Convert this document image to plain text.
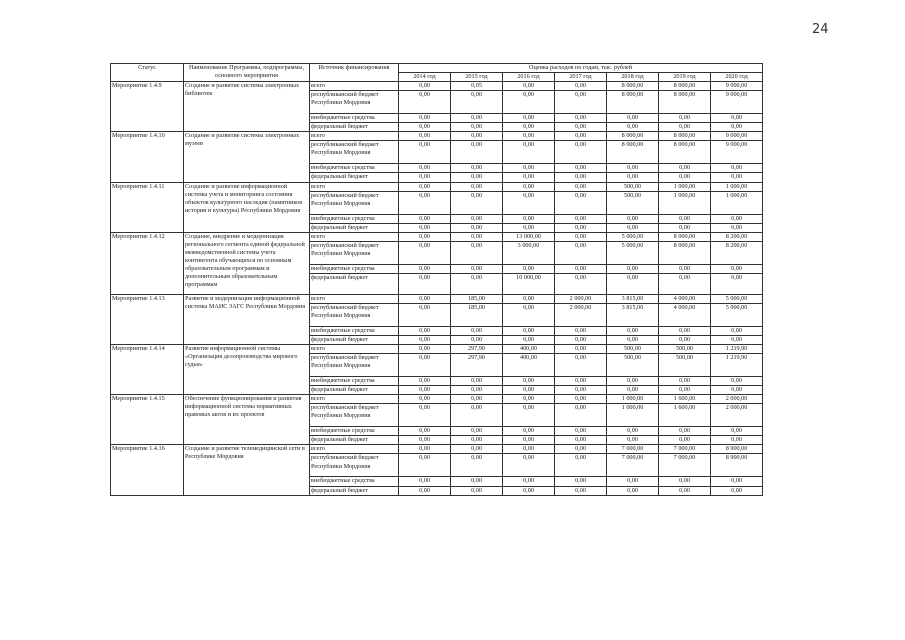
24
Статус	Наименование Программы, подпрограммы, основного мероприятия	Источник финансирования	Оценка расходов по годам, тыс. рублей						
			2014 год	2015 год	2016 год	2017 год	2018 год	2019 год	2020 год
Мероприятие 1.4.9	Создание и развитие системы электронных библиотек	всего	0,00	0,05	0,00	0,00	8 000,00	8 000,00	9 000,00
		республиканский бюджет Республики Мордовия	0,00	0,00	0,00	0,00	8 000,00	8 000,00	9 000,00
		внебюджетные средства	0,00	0,00	0,00	0,00	0,00	0,00	0,00
		федеральный бюджет	0,00	0,00	0,00	0,00	0,00	0,00	0,00
Мероприятие 1.4.10	Создание и развитие системы электронных музеев	всего	0,00	0,00	0,00	0,00	8 000,00	8 000,00	9 000,00
		республиканский бюджет Республики Мордовия	0,00	0,00	0,00	0,00	8 000,00	8 000,00	9 000,00
		внебюджетные средства	0,00	0,00	0,00	0,00	0,00	0,00	0,00
		федеральный бюджет	0,00	0,00	0,00	0,00	0,00	0,00	0,00
Мероприятие 1.4.11	Создание и развитие информационной системы учета и мониторинга состояния объектов культурного наследия (памятников истории и культуры) Республики Мордовия	всего	0,00	0,00	0,00	0,00	500,00	1 000,00	1 000,00
		республиканский бюджет Республики Мордовия	0,00	0,00	0,00	0,00	500,00	1 000,00	1 000,00
		внебюджетные средства	0,00	0,00	0,00	0,00	0,00	0,00	0,00
		федеральный бюджет	0,00	0,00	0,00	0,00	0,00	0,00	0,00
Мероприятие 1.4.12	Создание, внедрение и модернизация регионального сегмента единой федеральной межведомственной системы учета контингента обучающихся по основным образовательным программам и дополнительным образовательным программам	всего	0,00	0,00	13 000,00	0,00	5 000,00	8 000,00	8 200,00
		республиканский бюджет Республики Мордовия	0,00	0,00	3 000,00	0,00	5 000,00	8 000,00	8 200,00
		внебюджетные средства	0,00	0,00	0,00	0,00	0,00	0,00	0,00
		федеральный бюджет	0,00	0,00	10 000,00	0,00	0,00	0,00	0,00
Мероприятие 1.4.13	Развитие и модернизация информационной системы МАИС ЗАГС Республики Мордовия	всего	0,00	185,00	0,00	2 000,00	3 815,00	4 000,00	5 000,00
		республиканский бюджет Республики Мордовия	0,00	185,00	0,00	2 000,00	3 815,00	4 000,00	5 000,00
		внебюджетные средства	0,00	0,00	0,00	0,00	0,00	0,00	0,00
		федеральный бюджет	0,00	0,00	0,00	0,00	0,00	0,00	0,00
Мероприятие 1.4.14	Развитие информационной системы «Организация делопроизводства мирового судьи»	всего	0,00	297,90	400,00	0,00	500,00	500,00	1 219,90
		республиканский бюджет Республики Мордовия	0,00	297,90	400,00	0,00	500,00	500,00	1 219,90
		внебюджетные средства	0,00	0,00	0,00	0,00	0,00	0,00	0,00
		федеральный бюджет	0,00	0,00	0,00	0,00	0,00	0,00	0,00
Мероприятие 1.4.15	Обеспечение функционирования и развития информационной системы нормативных правовых актов и их проектов	всего	0,00	0,00	0,00	0,00	1 000,00	1 600,00	2 000,00
		республиканский бюджет Республики Мордовия	0,00	0,00	0,00	0,00	1 000,00	1 600,00	2 000,00
		внебюджетные средства	0,00	0,00	0,00	0,00	0,00	0,00	0,00
		федеральный бюджет	0,00	0,00	0,00	0,00	0,00	0,00	0,00
Мероприятие 1.4.16	Создание и развитие телемедицинской сети в Республике Мордовия	всего	0,00	0,00	0,00	0,00	7 000,00	7 000,00	8 900,00
		республиканский бюджет Республики Мордовия	0,00	0,00	0,00	0,00	7 000,00	7 000,00	8 900,00
		внебюджетные средства	0,00	0,00	0,00	0,00	0,00	0,00	0,00
		федеральный бюджет	0,00	0,00	0,00	0,00	0,00	0,00	0,00
